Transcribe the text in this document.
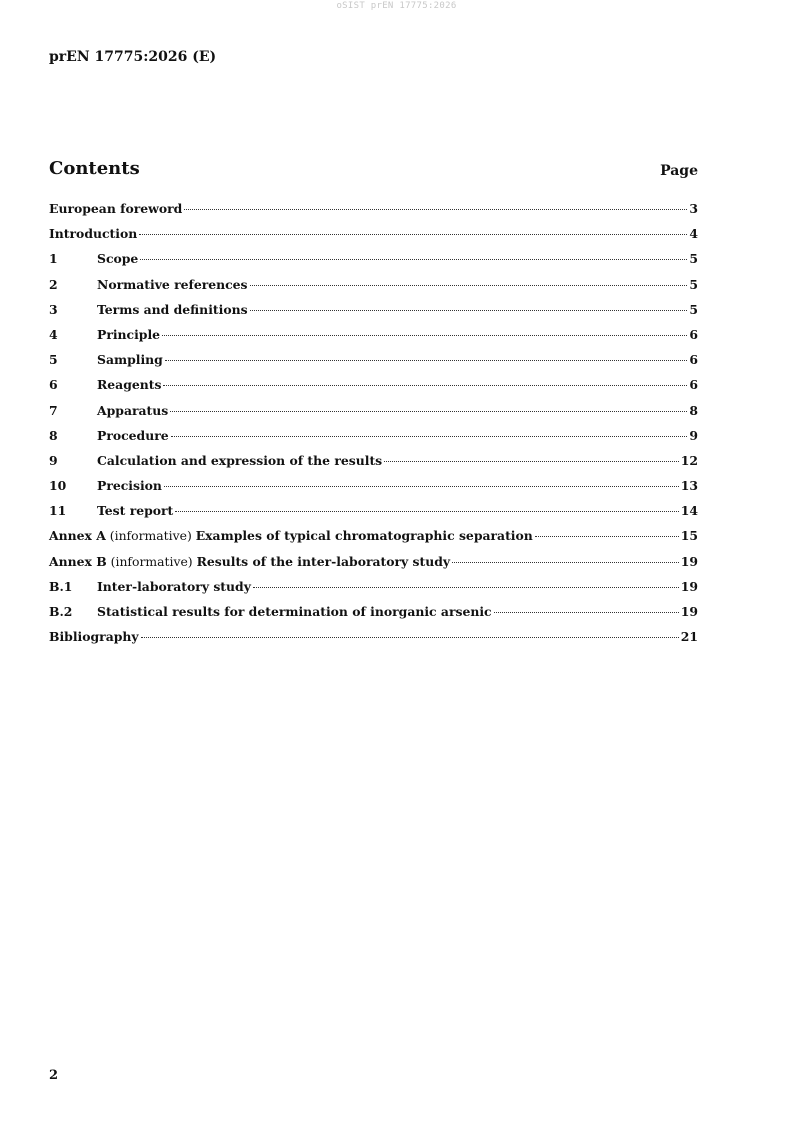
oSIST prEN 17775:2026
prEN 17775:2026 (E)
Contents	Page
European foreword	3
Introduction	4
1	Scope	5
2	Normative references	5
3	Terms and definitions	5
4	Principle	6
5	Sampling	6
6	Reagents	6
7	Apparatus	8
8	Procedure	9
9	Calculation and expression of the results	12
10	Precision	13
11	Test report	14
Annex A (informative) Examples of typical chromatographic separation	15
Annex B (informative) Results of the inter-laboratory study	19
B.1	Inter-laboratory study	19
B.2	Statistical results for determination of inorganic arsenic	19
Bibliography	21
2
